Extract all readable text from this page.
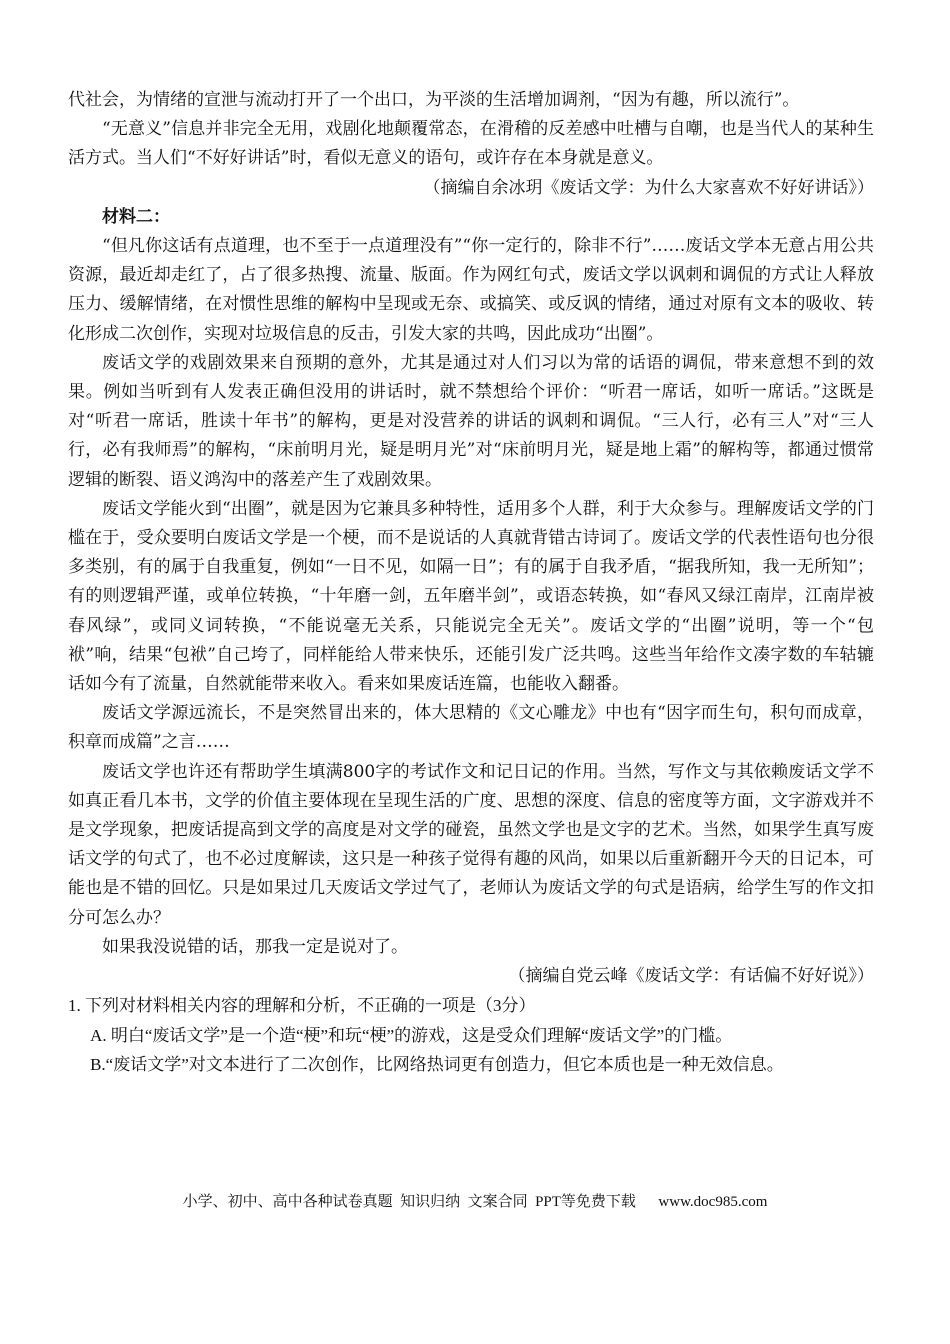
代社会，为情绪的宣泄与流动打开了一个出口，为平淡的生活增加调剂，“因为有趣，所以流行”。

“无意义”信息并非完全无用，戏剧化地颠覆常态，在滑稽的反差感中吐槽与自嘲，也是当代人的某种生活方式。当人们“不好好讲话”时，看似无意义的语句，或许存在本身就是意义。

（摘编自余冰玥《废话文学：为什么大家喜欢不好好讲话》）

材料二：

“但凡你这话有点道理，也不至于一点道理没有”“你一定行的，除非不行”……废话文学本无意占用公共资源，最近却走红了，占了很多热搜、流量、版面。作为网红句式，废话文学以讽刺和调侃的方式让人释放压力、缓解情绪，在对惯性思维的解构中呈现或无奈、或搞笑、或反讽的情绪，通过对原有文本的吸收、转化形成二次创作，实现对垃圾信息的反击，引发大家的共鸣，因此成功“出圈”。

废话文学的戏剧效果来自预期的意外，尤其是通过对人们习以为常的话语的调侃，带来意想不到的效果。例如当听到有人发表正确但没用的讲话时，就不禁想给个评价：“听君一席话，如听一席话。”这既是对“听君一席话，胜读十年书”的解构，更是对没营养的讲话的讽刺和调侃。“三人行，必有三人”对“三人行，必有我师焉”的解构，“床前明月光，疑是明月光”对“床前明月光，疑是地上霜”的解构等，都通过惯常逻辑的断裂、语义鸿沟中的落差产生了戏剧效果。

废话文学能火到“出圈”，就是因为它兼具多种特性，适用多个人群，利于大众参与。理解废话文学的门槛在于，受众要明白废话文学是一个梗，而不是说话的人真就背错古诗词了。废话文学的代表性语句也分很多类别，有的属于自我重复，例如“一日不见，如隔一日”；有的属于自我矛盾，“据我所知，我一无所知”；有的则逻辑严谨，或单位转换，“十年磨一剑，五年磨半剑”，或语态转换，如“春风又绿江南岸，江南岸被春风绿”，或同义词转换，“不能说毫无关系，只能说完全无关”。废话文学的“出圈”说明，等一个“包袱”响，结果“包袱”自己垮了，同样能给人带来快乐，还能引发广泛共鸣。这些当年给作文凑字数的车轱辘话如今有了流量，自然就能带来收入。看来如果废话连篇，也能收入翻番。

废话文学源远流长，不是突然冒出来的，体大思精的《文心雕龙》中也有“因字而生句，积句而成章，积章而成篇”之言……

废话文学也许还有帮助学生填满800字的考试作文和记日记的作用。当然，写作文与其依赖废话文学不如真正看几本书，文学的价值主要体现在呈现生活的广度、思想的深度、信息的密度等方面，文字游戏并不是文学现象，把废话提高到文学的高度是对文学的碰瓷，虽然文学也是文字的艺术。当然，如果学生真写废话文学的句式了，也不必过度解读，这只是一种孩子觉得有趣的风尚，如果以后重新翻开今天的日记本，可能也是不错的回忆。只是如果过几天废话文学过气了，老师认为废话文学的句式是语病，给学生写的作文扣分可怎么办？

如果我没说错的话，那我一定是说对了。

（摘编自党云峰《废话文学：有话偏不好好说》）

1. 下列对材料相关内容的理解和分析，不正确的一项是（3分）

A. 明白“废话文学”是一个造“梗”和玩“梗”的游戏，这是受众们理解“废话文学”的门槛。

B.“废话文学”对文本进行了二次创作，比网络热词更有创造力，但它本质也是一种无效信息。

小学、初中、高中各种试卷真题  知识归纳  文案合同  PPT等免费下载      www.doc985.com
